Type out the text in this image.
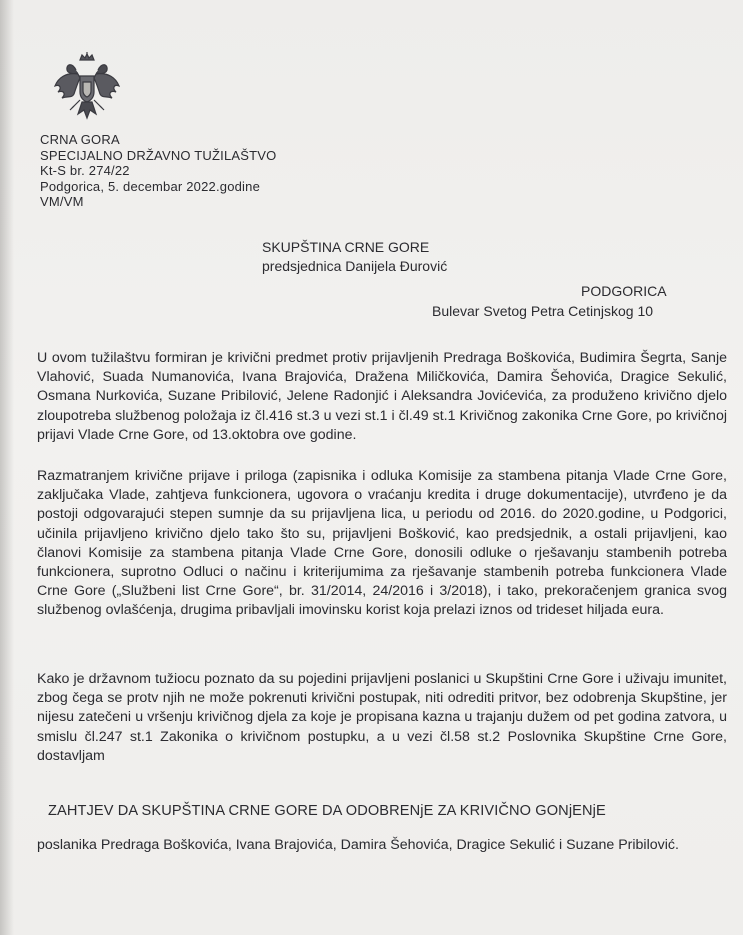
CRNA GORA
SPECIJALNO DRŽAVNO TUŽILAŠTVO
Kt-S br. 274/22
Podgorica, 5. decembar 2022.godine
VM/VM
SKUPŠTINA CRNE GORE
predsjednica Danijela Đurović
PODGORICA
Bulevar Svetog Petra Cetinjskog 10
U ovom tužilaštvu formiran je krivični predmet protiv prijavljenih Predraga Boškovića, Budimira Šegrta, Sanje Vlahović, Suada Numanovića, Ivana Brajovića, Dražena Miličkovića, Damira Šehovića, Dragice Sekulić, Osmana Nurkovića, Suzane Pribilović, Jelene Radonjić i Aleksandra Jovićevića, za produženo krivično djelo zloupotreba službenog položaja iz čl.416 st.3 u vezi st.1 i čl.49 st.1 Krivičnog zakonika Crne Gore, po krivičnoj prijavi Vlade Crne Gore, od 13.oktobra ove godine.
Razmatranjem krivične prijave i priloga (zapisnika i odluka Komisije za stambena pitanja Vlade Crne Gore, zaključaka Vlade, zahtjeva funkcionera, ugovora o vraćanju kredita i druge dokumentacije), utvrđeno je da postoji odgovarajući stepen sumnje da su prijavljena lica, u periodu od 2016. do 2020.godine, u Podgorici, učinila prijavljeno krivično djelo tako što su, prijavljeni Bošković, kao predsjednik, a ostali prijavljeni, kao članovi Komisije za stambena pitanja Vlade Crne Gore, donosili odluke o rješavanju stambenih potreba funkcionera, suprotno Odluci o načinu i kriterijumima za rješavanje stambenih potreba funkcionera Vlade Crne Gore („Službeni list Crne Gore“, br. 31/2014, 24/2016 i 3/2018), i tako, prekoračenjem granica svog službenog ovlašćenja, drugima pribavljali imovinsku korist koja prelazi iznos od trideset hiljada eura.
Kako je državnom tužiocu poznato da su pojedini prijavljeni poslanici u Skupštini Crne Gore i uživaju imunitet, zbog čega se protv njih ne može pokrenuti krivični postupak, niti odrediti pritvor, bez odobrenja Skupštine, jer nijesu zatečeni u vršenju krivičnog djela za koje je propisana kazna u trajanju dužem od pet godina zatvora, u smislu čl.247 st.1 Zakonika o krivičnom postupku, a u vezi čl.58 st.2 Poslovnika Skupštine Crne Gore, dostavljam
ZAHTJEV DA SKUPŠTINA CRNE GORE DA ODOBRENjE ZA KRIVIČNO GONjENjE
poslanika Predraga Boškovića, Ivana Brajovića, Damira Šehovića, Dragice Sekulić i Suzane Pribilović.
